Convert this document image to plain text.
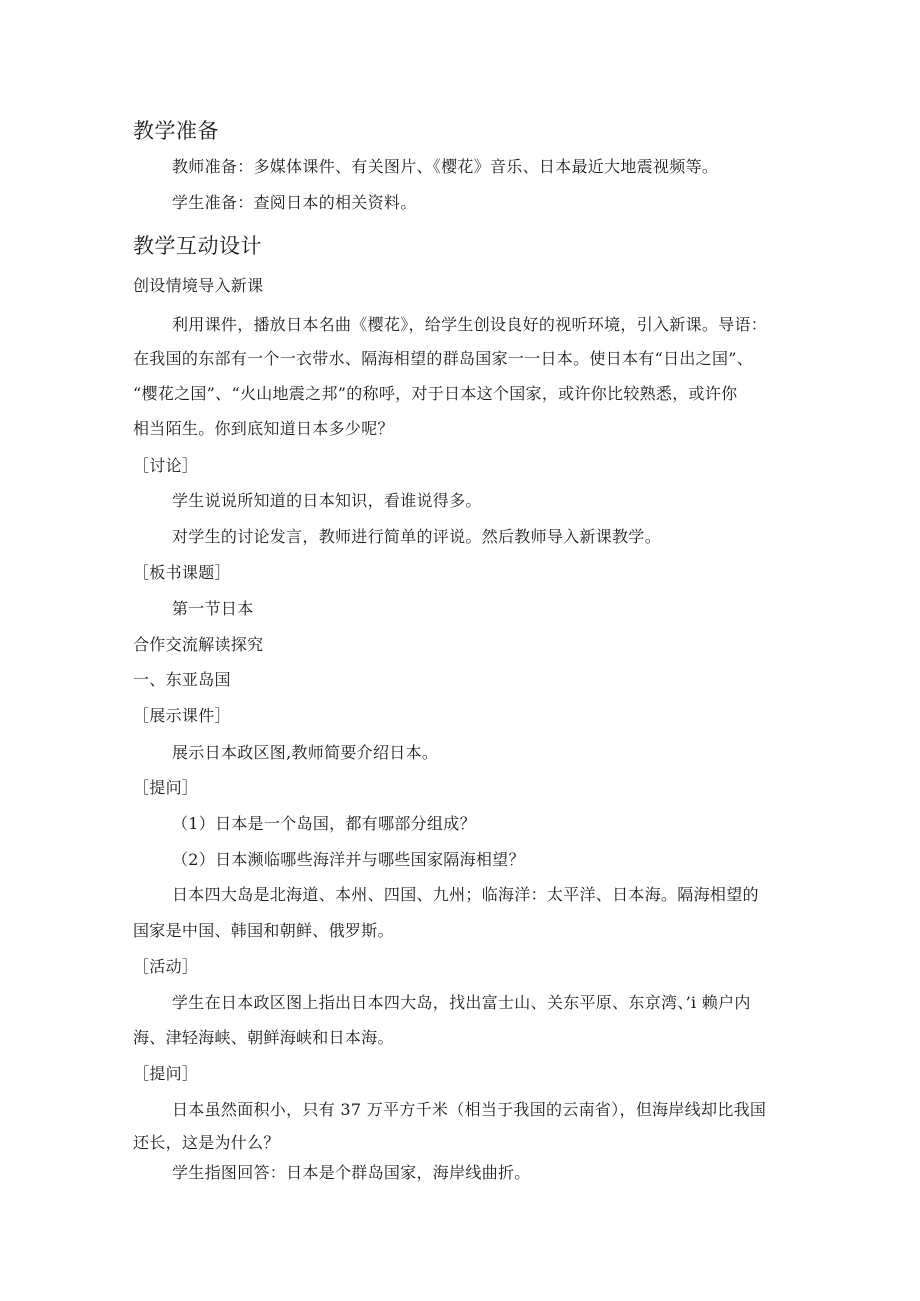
教学准备
教师准备：多媒体课件、有关图片、《樱花》音乐、日本最近大地震视频等。
学生准备：查阅日本的相关资料。
教学互动设计
创设情境导入新课
利用课件，播放日本名曲《樱花》，给学生创设良好的视听环境，引入新课。导语：
在我国的东部有一个一衣带水、隔海相望的群岛国家一一日本。使日本有“日出之国”、
“樱花之国”、“火山地震之邦”的称呼，对于日本这个国家，或许你比较熟悉，或许你
相当陌生。你到底知道日本多少呢？
［讨论］
学生说说所知道的日本知识，看谁说得多。
对学生的讨论发言，教师进行简单的评说。然后教师导入新课教学。
［板书课题］
第一节日本
合作交流解读探究
一、东亚岛国
［展示课件］
展示日本政区图,教师简要介绍日本。
［提问］
（1）日本是一个岛国，都有哪部分组成？
（2）日本濒临哪些海洋并与哪些国家隔海相望？
日本四大岛是北海道、本州、四国、九州；临海洋：太平洋、日本海。隔海相望的
国家是中国、韩国和朝鲜、俄罗斯。
［活动］
学生在日本政区图上指出日本四大岛，找出富士山、关东平原、东京湾、’i 赖户内
海、津轻海峡、朝鲜海峡和日本海。
［提问］
日本虽然面积小，只有 37 万平方千米（相当于我国的云南省），但海岸线却比我国
还长，这是为什么？
学生指图回答：日本是个群岛国家，海岸线曲折。
